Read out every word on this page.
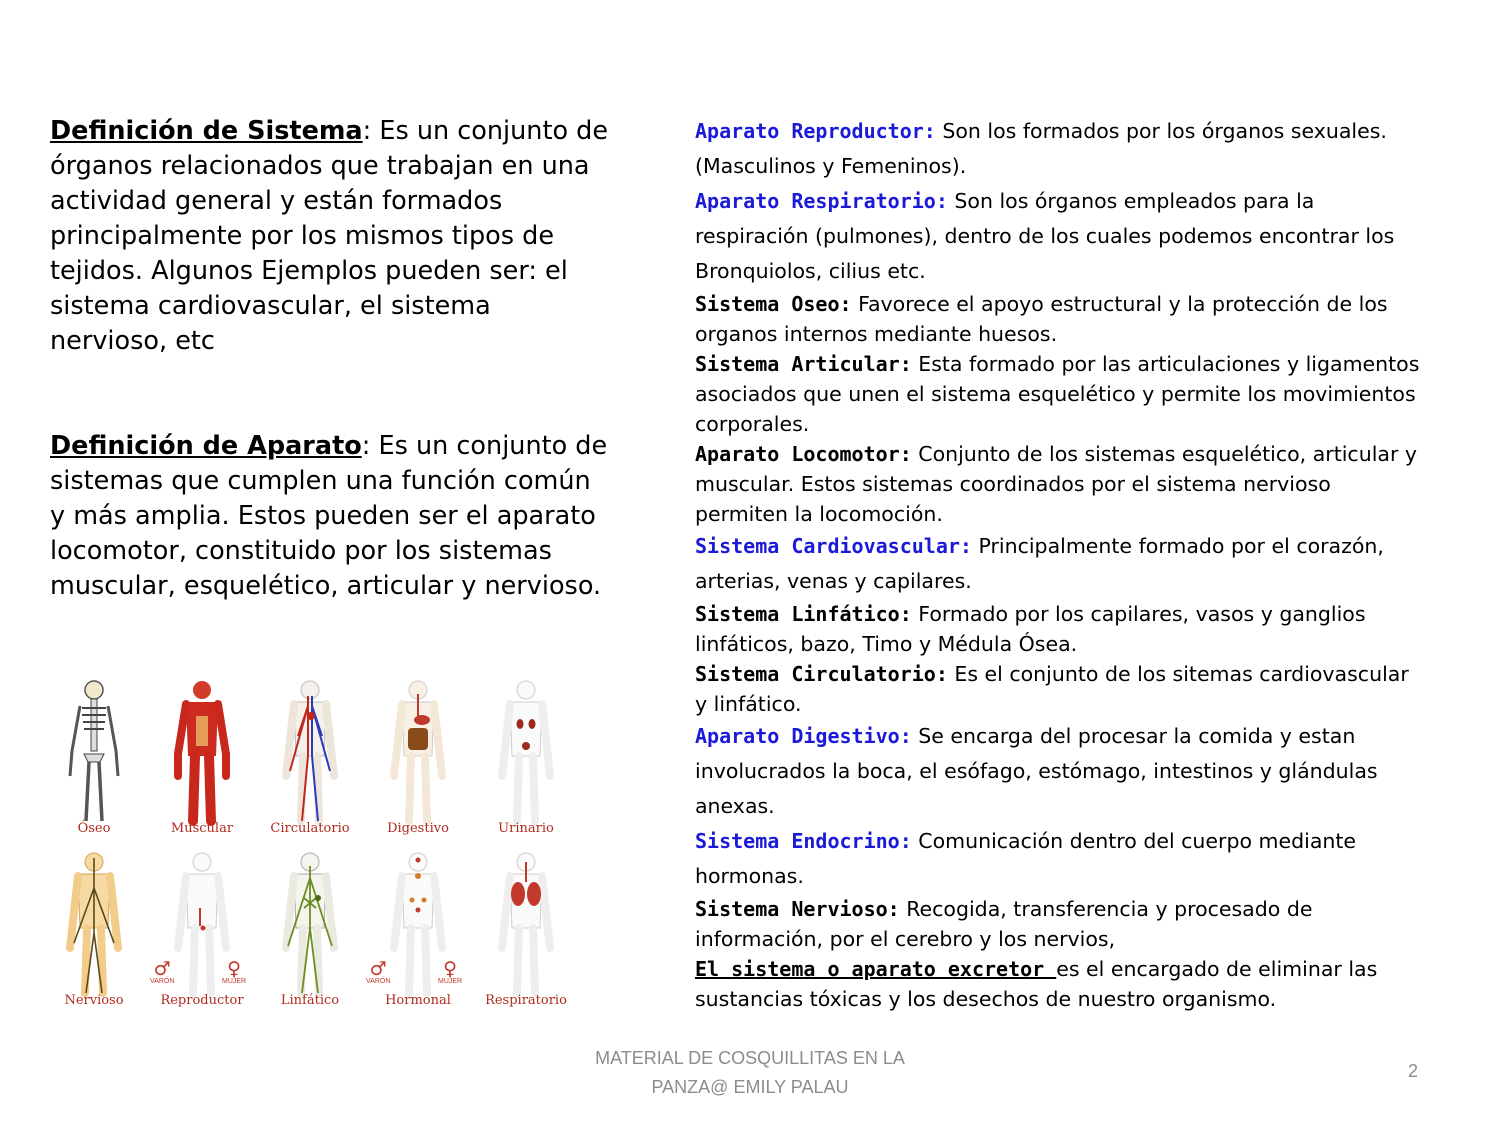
Definición de Sistema: Es un conjunto de órganos relacionados que trabajan en una actividad general y están formados principalmente por los mismos tipos de tejidos. Algunos Ejemplos pueden ser: el sistema cardiovascular, el sistema nervioso, etc

Definición de Aparato: Es un conjunto de sistemas que cumplen una función común y más amplia. Estos pueden ser el aparato locomotor, constituido por los sistemas muscular, esquelético, articular y nervioso.

Óseo	Muscular	Circulatorio	Digestivo	Urinario
Nervioso
♂
VARÓN
♀
MUJER
Reproductor	Linfático
♂
VARÓN
♀
MUJER
Hormonal	Respiratorio

Aparato Reproductor: Son los formados por los órganos sexuales.(Masculinos y Femeninos).

Aparato Respiratorio: Son los órganos empleados para la respiración (pulmones), dentro de los cuales podemos encontrar los Bronquiolos, cilius etc.

Sistema Oseo: Favorece el apoyo estructural y la protección de los organos internos mediante huesos.

Sistema Articular: Esta formado por las articulaciones y ligamentos asociados que unen el sistema esquelético y permite los movimientos corporales.

Aparato Locomotor: Conjunto de los sistemas esquelético, articular y muscular. Estos sistemas coordinados por el sistema nervioso permiten la locomoción.

Sistema Cardiovascular: Principalmente formado por el corazón, arterias, venas y capilares.

Sistema Linfático: Formado por los capilares, vasos y ganglios linfáticos, bazo, Timo y Médula Ósea.

Sistema Circulatorio: Es el conjunto de los sitemas cardiovascular y linfático.

Aparato Digestivo: Se encarga del procesar la comida y estan involucrados la boca, el esófago, estómago, intestinos y glándulas anexas.

Sistema Endocrino: Comunicación dentro del cuerpo mediante hormonas.

Sistema Nervioso: Recogida, transferencia y procesado de información, por el cerebro y los nervios,

El sistema o aparato excretor es el encargado de eliminar las sustancias tóxicas y los desechos de nuestro organismo.

MATERIAL DE COSQUILLITAS EN LA
PANZA@ EMILY PALAU
2
